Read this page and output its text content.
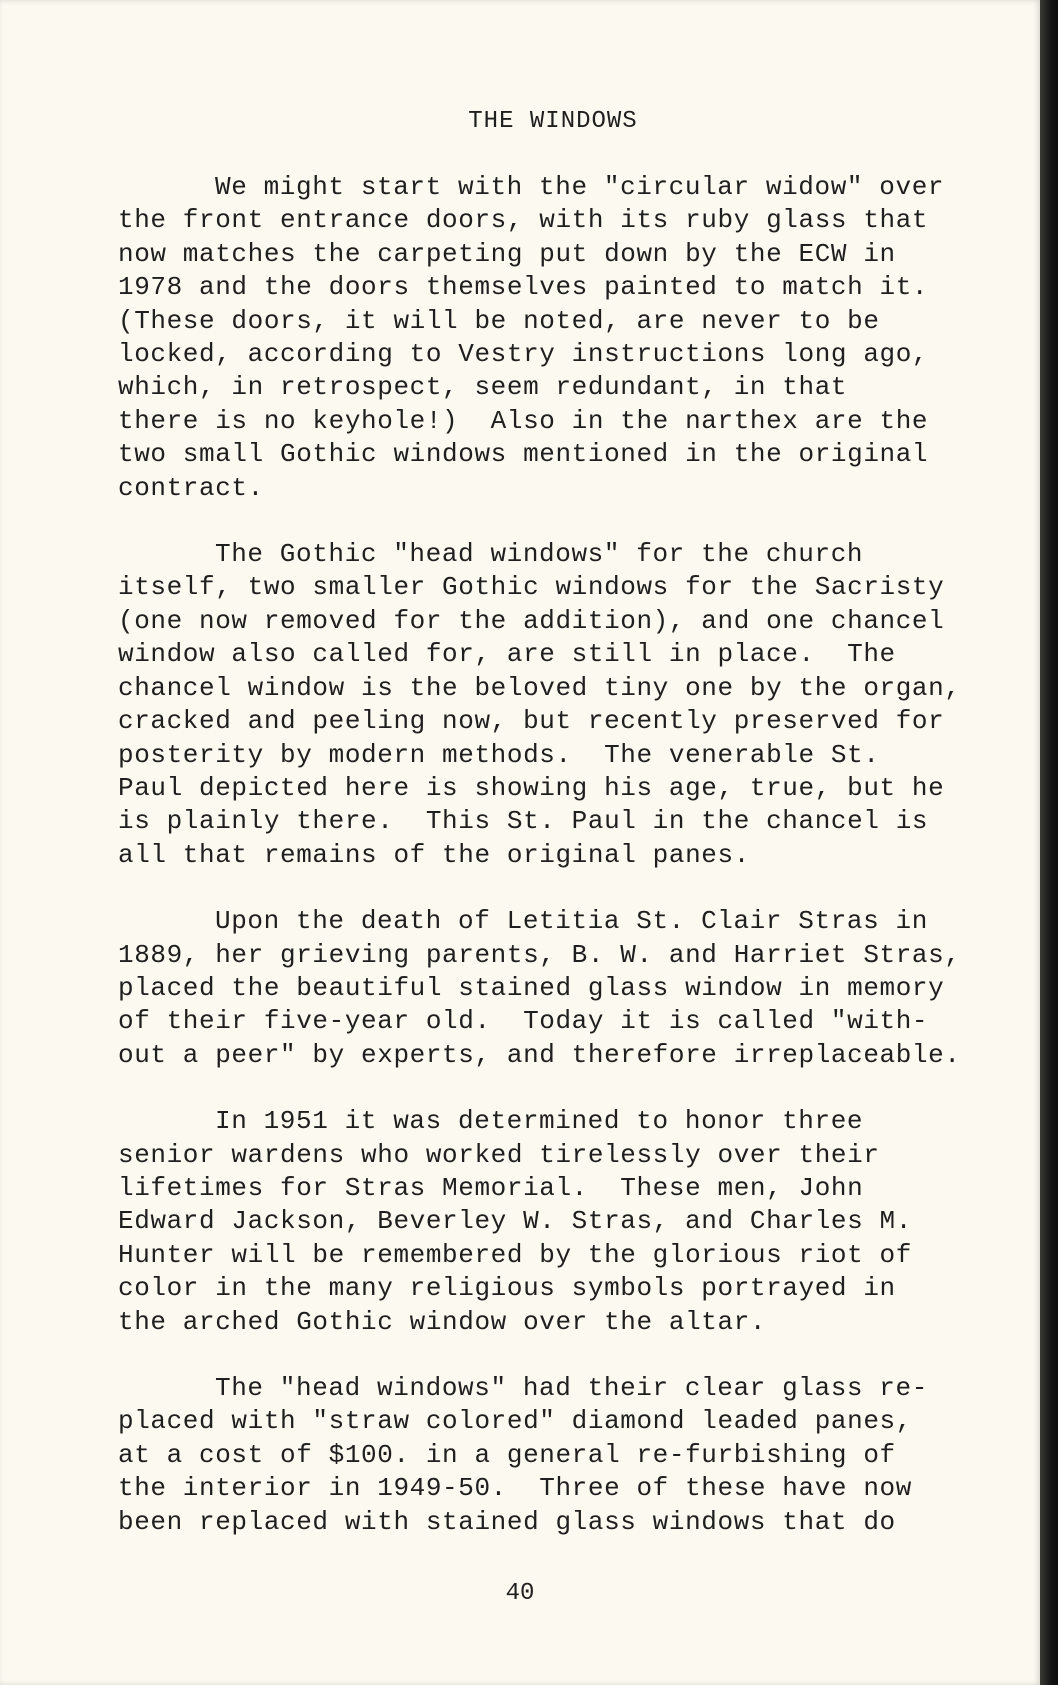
THE WINDOWS
We might start with the "circular widow" over
the front entrance doors, with its ruby glass that
now matches the carpeting put down by the ECW in
1978 and the doors themselves painted to match it.
(These doors, it will be noted, are never to be
locked, according to Vestry instructions long ago,
which, in retrospect, seem redundant, in that
there is no keyhole!)  Also in the narthex are the
two small Gothic windows mentioned in the original
contract.
The Gothic "head windows" for the church
itself, two smaller Gothic windows for the Sacristy
(one now removed for the addition), and one chancel
window also called for, are still in place.  The
chancel window is the beloved tiny one by the organ,
cracked and peeling now, but recently preserved for
posterity by modern methods.  The venerable St.
Paul depicted here is showing his age, true, but he
is plainly there.  This St. Paul in the chancel is
all that remains of the original panes.
Upon the death of Letitia St. Clair Stras in
1889, her grieving parents, B. W. and Harriet Stras,
placed the beautiful stained glass window in memory
of their five-year old.  Today it is called "with-
out a peer" by experts, and therefore irreplaceable.
In 1951 it was determined to honor three
senior wardens who worked tirelessly over their
lifetimes for Stras Memorial.  These men, John
Edward Jackson, Beverley W. Stras, and Charles M.
Hunter will be remembered by the glorious riot of
color in the many religious symbols portrayed in
the arched Gothic window over the altar.
The "head windows" had their clear glass re-
placed with "straw colored" diamond leaded panes,
at a cost of $100. in a general re-furbishing of
the interior in 1949-50.  Three of these have now
been replaced with stained glass windows that do
40
